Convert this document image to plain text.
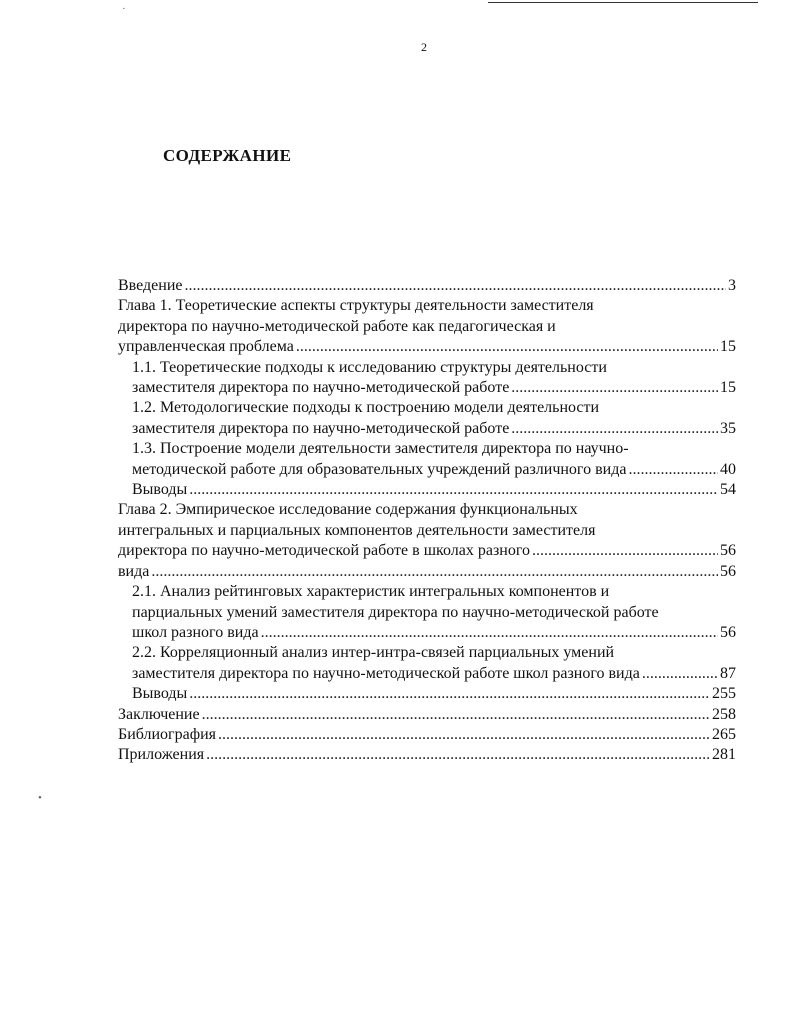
2
СОДЕРЖАНИЕ
Введение .....	3
Глава 1. Теоретические аспекты структуры деятельности заместителя
директора по научно-методической работе как педагогическая и
управленческая проблема .....	15
1.1. Теоретические подходы к исследованию структуры деятельности
заместителя директора по научно-методической работе .....	15
1.2. Методологические подходы к построению модели деятельности
заместителя директора по научно-методической работе .....	35
1.3. Построение модели деятельности заместителя директора по научно-
методической работе для образовательных учреждений различного вида .....	40
Выводы .....	54
Глава 2. Эмпирическое исследование содержания функциональных
интегральных и парциальных компонентов деятельности заместителя
директора по научно-методической работе в школах разного .....	56
вида .....	56
2.1. Анализ рейтинговых характеристик интегральных компонентов и
парциальных умений заместителя директора по научно-методической работе
школ разного вида .....	56
2.2. Корреляционный анализ интер-интра-связей парциальных умений
заместителя директора по научно-методической работе школ разного вида .....	87
Выводы .....	255
Заключение .....	258
Библиография .....	265
Приложения .....	281
•
·
